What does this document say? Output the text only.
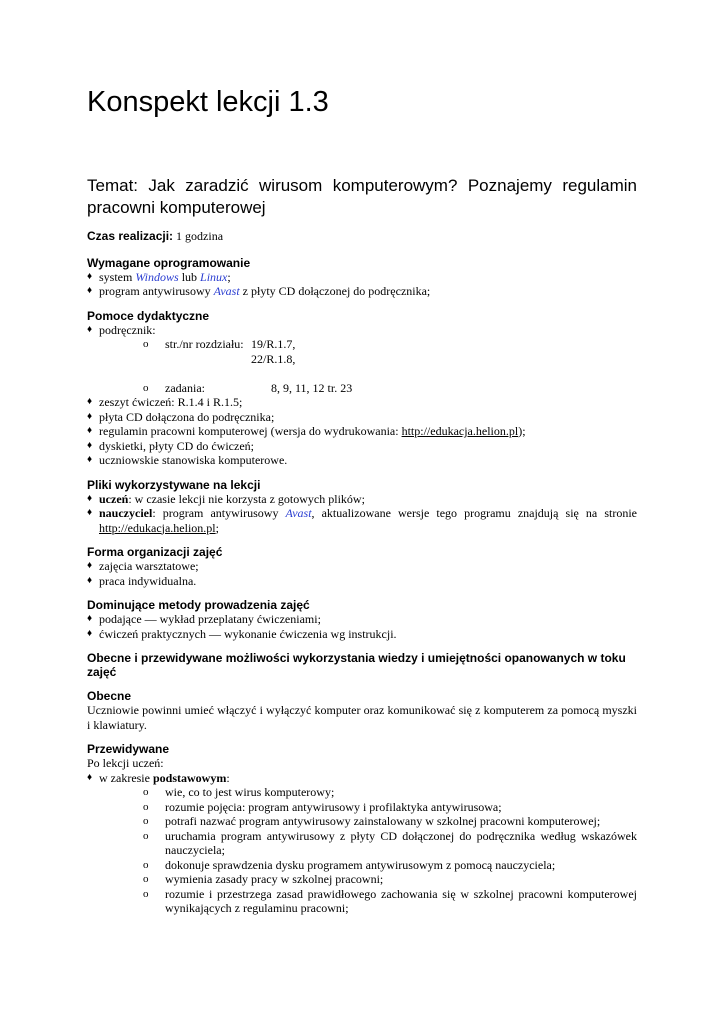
Konspekt lekcji 1.3

Temat: Jak zaradzić wirusom komputerowym? Poznajemy regulamin pracowni komputerowej

Czas realizacji: 1 godzina

Wymagane oprogramowanie

♦ system Windows lub Linux;
♦ program antywirusowy Avast z płyty CD dołączonej do podręcznika;

Pomoce dydaktyczne

♦ podręcznik:
o str./nr rozdziału: 19/R.1.7,
22/R.1.8,
o zadania:	8, 9, 11, 12 tr. 23
♦ zeszyt ćwiczeń: R.1.4 i R.1.5;
♦ płyta CD dołączona do podręcznika;
♦ regulamin pracowni komputerowej (wersja do wydrukowania: http://edukacja.helion.pl);
♦ dyskietki, płyty CD do ćwiczeń;
♦ uczniowskie stanowiska komputerowe.

Pliki wykorzystywane na lekcji

♦ uczeń: w czasie lekcji nie korzysta z gotowych plików;
♦ nauczyciel: program antywirusowy Avast, aktualizowane wersje tego programu znajdują się na stronie http://edukacja.helion.pl;

Forma organizacji zajęć

♦ zajęcia warsztatowe;
♦ praca indywidualna.

Dominujące metody prowadzenia zajęć

♦ podające — wykład przeplatany ćwiczeniami;
♦ ćwiczeń praktycznych — wykonanie ćwiczenia wg instrukcji.

Obecne i przewidywane możliwości wykorzystania wiedzy i umiejętności opanowanych w toku zajęć

Obecne

Uczniowie powinni umieć włączyć i wyłączyć komputer oraz komunikować się z komputerem za pomocą myszki i klawiatury.

Przewidywane

Po lekcji uczeń:

♦ w zakresie podstawowym:
o wie, co to jest wirus komputerowy;
o rozumie pojęcia: program antywirusowy i profilaktyka antywirusowa;
o potrafi nazwać program antywirusowy zainstalowany w szkolnej pracowni komputerowej;
o uruchamia program antywirusowy z płyty CD dołączonej do podręcznika według wskazówek nauczyciela;
o dokonuje sprawdzenia dysku programem antywirusowym z pomocą nauczyciela;
o wymienia zasady pracy w szkolnej pracowni;
o rozumie i przestrzega zasad prawidłowego zachowania się w szkolnej pracowni komputerowej wynikających z regulaminu pracowni;
